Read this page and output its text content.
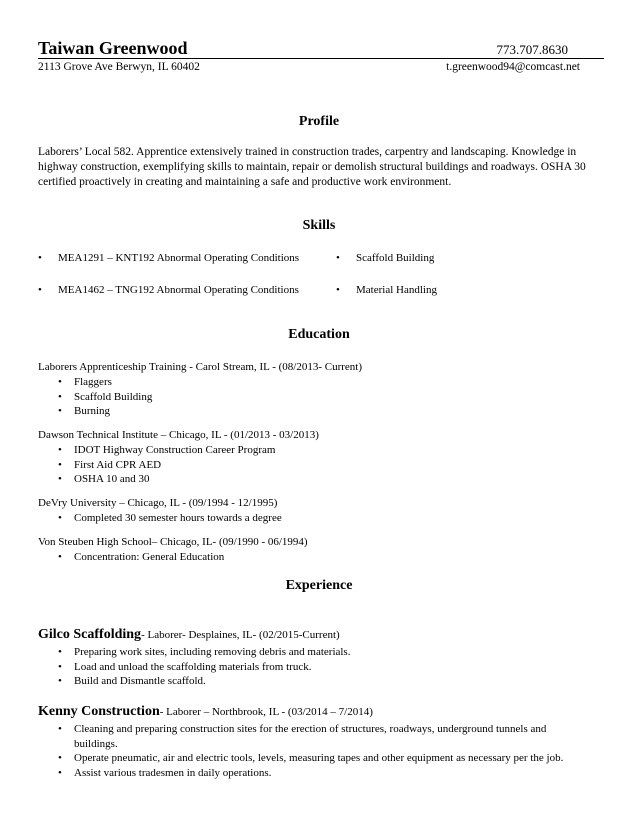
Taiwan Greenwood	773.707.8630
2113 Grove Ave Berwyn, IL 60402	t.greenwood94@comcast.net
Profile

Laborers’ Local 582. Apprentice extensively trained in construction trades, carpentry and landscaping. Knowledge in highway construction, exemplifying skills to maintain, repair or demolish structural buildings and roadways. OSHA 30 certified proactively in creating and maintaining a safe and productive work environment.

Skills
• MEA1291 – KNT192 Abnormal Operating Conditions	• Scaffold Building
• MEA1462 – TNG192 Abnormal Operating Conditions	• Material Handling
Education
Laborers Apprenticeship Training - Carol Stream, IL - (08/2013- Current)
• Flaggers
• Scaffold Building
• Burning
Dawson Technical Institute – Chicago, IL - (01/2013 - 03/2013)
• IDOT Highway Construction Career Program
• First Aid CPR AED
• OSHA 10 and 30
DeVry University – Chicago, IL - (09/1994 - 12/1995)
• Completed 30 semester hours towards a degree
Von Steuben High School– Chicago, IL- (09/1990 - 06/1994)
• Concentration: General Education
Experience
Gilco Scaffolding- Laborer- Desplaines, IL- (02/2015-Current)
• Preparing work sites, including removing debris and materials.
• Load and unload the scaffolding materials from truck.
• Build and Dismantle scaffold.
Kenny Construction- Laborer – Northbrook, IL - (03/2014 – 7/2014)
• Cleaning and preparing construction sites for the erection of structures, roadways, underground tunnels and buildings.
• Operate pneumatic, air and electric tools, levels, measuring tapes and other equipment as necessary per the job.
• Assist various tradesmen in daily operations.
